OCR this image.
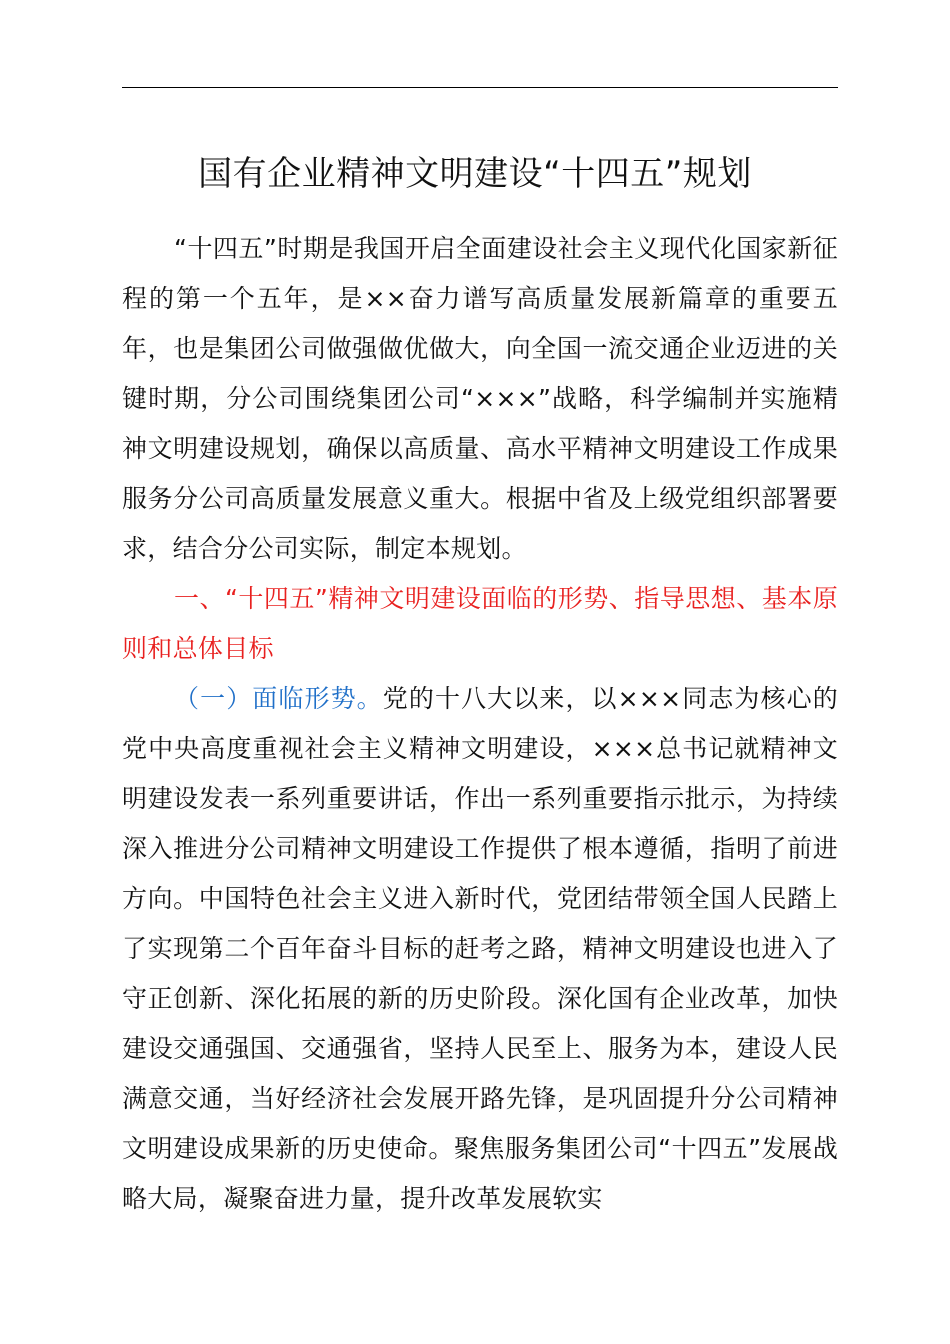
国有企业精神文明建设“十四五”规划

“十四五”时期是我国开启全面建设社会主义现代化国家新征程的第一个五年，是××奋力谱写高质量发展新篇章的重要五年，也是集团公司做强做优做大，向全国一流交通企业迈进的关键时期，分公司围绕集团公司“×××”战略，科学编制并实施精神文明建设规划，确保以高质量、高水平精神文明建设工作成果服务分公司高质量发展意义重大。根据中省及上级党组织部署要求，结合分公司实际，制定本规划。

一、“十四五”精神文明建设面临的形势、指导思想、基本原则和总体目标

（一）面临形势。党的十八大以来，以×××同志为核心的党中央高度重视社会主义精神文明建设，×××总书记就精神文明建设发表一系列重要讲话，作出一系列重要指示批示，为持续深入推进分公司精神文明建设工作提供了根本遵循，指明了前进方向。中国特色社会主义进入新时代，党团结带领全国人民踏上了实现第二个百年奋斗目标的赶考之路，精神文明建设也进入了守正创新、深化拓展的新的历史阶段。深化国有企业改革，加快建设交通强国、交通强省，坚持人民至上、服务为本，建设人民满意交通，当好经济社会发展开路先锋，是巩固提升分公司精神文明建设成果新的历史使命。聚焦服务集团公司“十四五”发展战略大局，凝聚奋进力量，提升改革发展软实
